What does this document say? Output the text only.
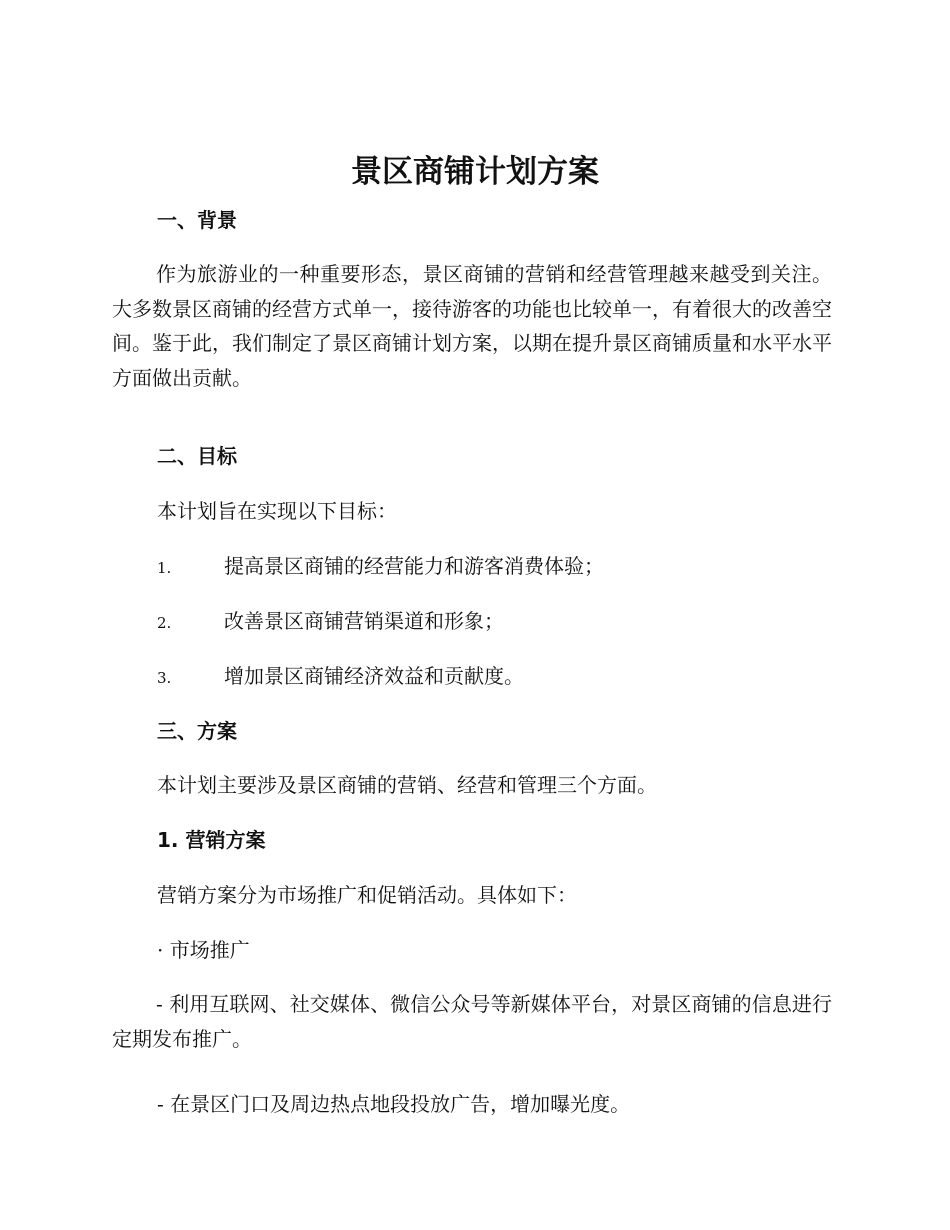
景区商铺计划方案
一、背景

作为旅游业的一种重要形态，景区商铺的营销和经营管理越来越受到关注。大多数景区商铺的经营方式单一，接待游客的功能也比较单一，有着很大的改善空间。鉴于此，我们制定了景区商铺计划方案，以期在提升景区商铺质量和水平水平方面做出贡献。

二、目标

本计划旨在实现以下目标：

1.	提高景区商铺的经营能力和游客消费体验；

2.	改善景区商铺营销渠道和形象；

3.	增加景区商铺经济效益和贡献度。

三、方案

本计划主要涉及景区商铺的营销、经营和管理三个方面。

1. 营销方案

营销方案分为市场推广和促销活动。具体如下：

· 市场推广

- 利用互联网、社交媒体、微信公众号等新媒体平台，对景区商铺的信息进行定期发布推广。

- 在景区门口及周边热点地段投放广告，增加曝光度。
